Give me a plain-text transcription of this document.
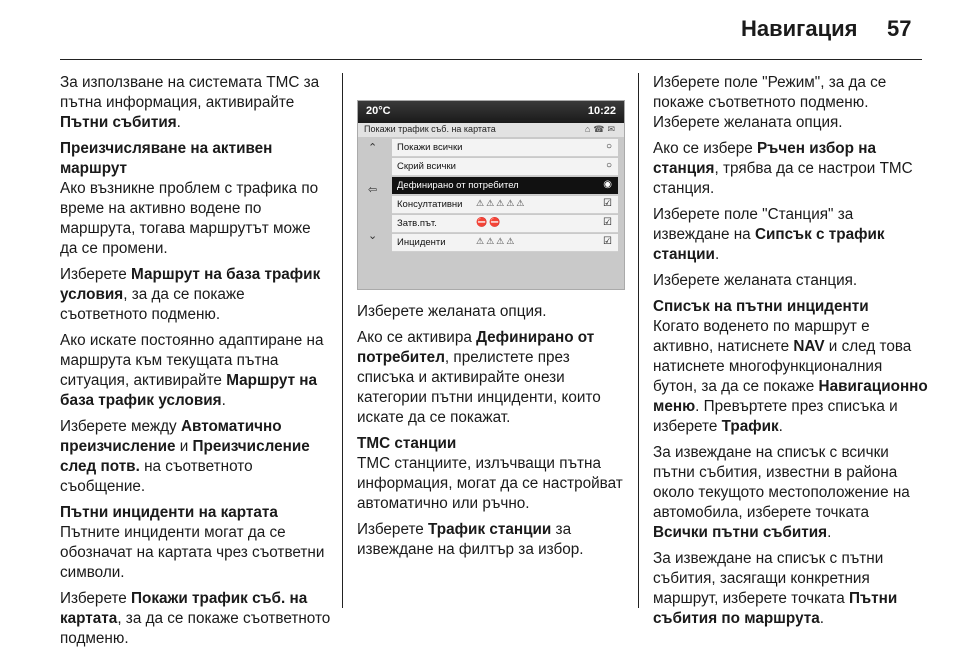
Навигация 57

За използване на системата TMC за пътна информация, активирайте Пътни събития.

Преизчисляване на активен маршрут

Ако възникне проблем с трафика по време на активно водене по маршрута, тогава маршрутът може да се промени.

Изберете Маршрут на база трафик условия, за да се покаже съответното подменю.

Ако искате постоянно адаптиране на маршрута към текущата пътна ситуация, активирайте Маршрут на база трафик условия.

Изберете между Автоматично преизчисление и Преизчисление след потв. на съответното съобщение.

Пътни инциденти на картата

Пътните инциденти могат да се обозначат на картата чрез съответни символи.

Изберете Покажи трафик съб. на картата, за да се покаже съответното подменю.

20°C	10:22
Покажи трафик съб. на картата	⌂☎✉
⌃
⇦
⌄
Покажи всички	○
Скрий всички	○
Дефинирано от потребител	◉
Консултативни ⚠⚠⚠⚠⚠	☑
Затв.път.	⛔⛔	☑
Инциденти	⚠⚠⚠⚠	☑

Изберете желаната опция.

Ако се активира Дефинирано от потребител, прелистете през списъка и активирайте онези категории пътни инциденти, които искате да се покажат.

TMC станции

TMC станциите, излъчващи пътна информация, могат да се настройват автоматично или ръчно.

Изберете Трафик станции за извеждане на филтър за избор.

Изберете поле "Режим", за да се покаже съответното подменю. Изберете желаната опция.

Ако се избере Ръчен избор на станция, трябва да се настрои TMC станция.

Изберете поле "Станция" за извеждане на Сипсък с трафик станции.

Изберете желаната станция.

Списък на пътни инциденти

Когато воденето по маршрут е активно, натиснете NAV и след това натиснете многофункционалния бутон, за да се покаже Навигационно меню. Превъртете през списъка и изберете Трафик.

За извеждане на списък с всички пътни събития, известни в района около текущото местоположение на автомобила, изберете точката Всички пътни събития.

За извеждане на списък с пътни събития, засягащи конкретния маршрут, изберете точката Пътни събития по маршрута.
